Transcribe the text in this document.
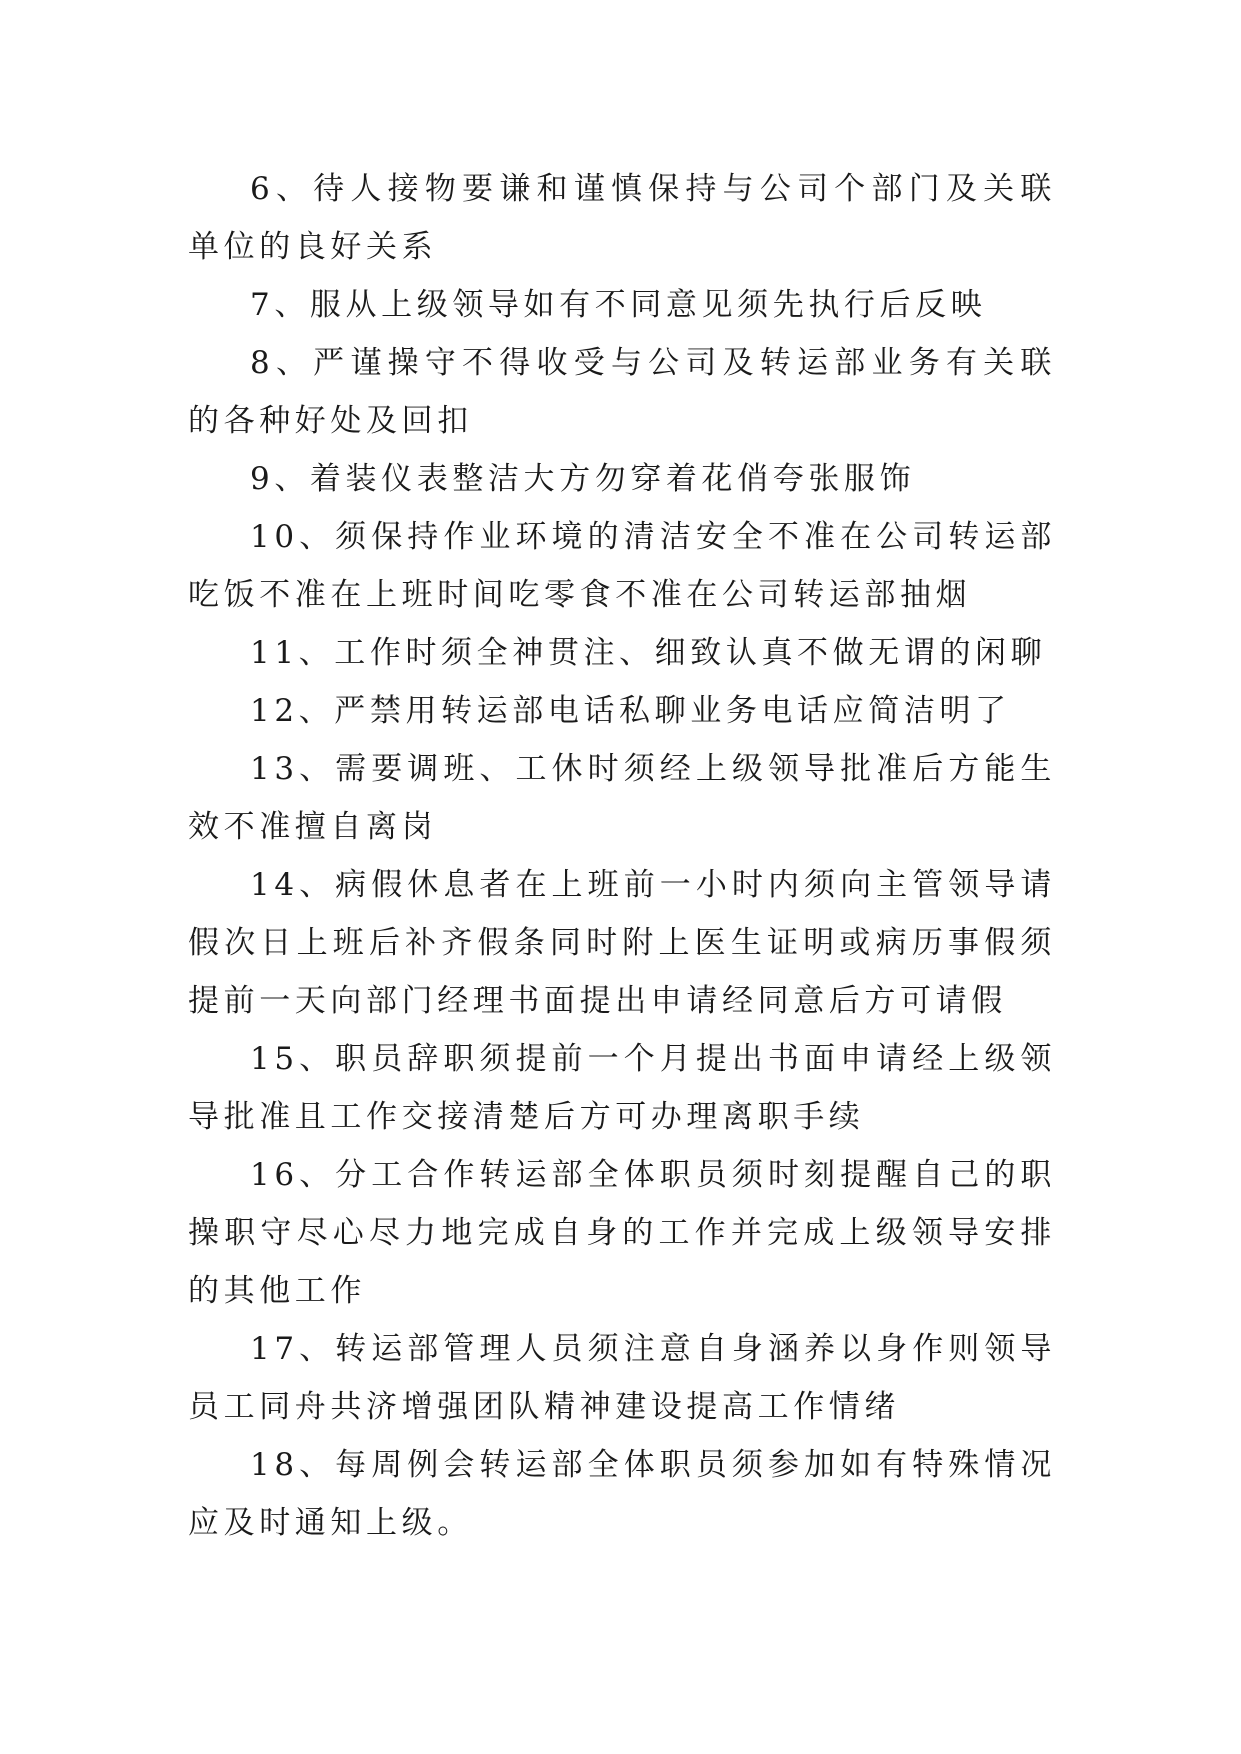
6、待人接物要谦和谨慎保持与公司个部门及关联单位的良好关系

7、服从上级领导如有不同意见须先执行后反映

8、严谨操守不得收受与公司及转运部业务有关联的各种好处及回扣

9、着装仪表整洁大方勿穿着花俏夸张服饰

10、须保持作业环境的清洁安全不准在公司转运部吃饭不准在上班时间吃零食不准在公司转运部抽烟

11、工作时须全神贯注、细致认真不做无谓的闲聊

12、严禁用转运部电话私聊业务电话应简洁明了

13、需要调班、工休时须经上级领导批准后方能生效不准擅自离岗

14、病假休息者在上班前一小时内须向主管领导请假次日上班后补齐假条同时附上医生证明或病历事假须提前一天向部门经理书面提出申请经同意后方可请假

15、职员辞职须提前一个月提出书面申请经上级领导批准且工作交接清楚后方可办理离职手续

16、分工合作转运部全体职员须时刻提醒自己的职操职守尽心尽力地完成自身的工作并完成上级领导安排的其他工作

17、转运部管理人员须注意自身涵养以身作则领导员工同舟共济增强团队精神建设提高工作情绪

18、每周例会转运部全体职员须参加如有特殊情况应及时通知上级。
